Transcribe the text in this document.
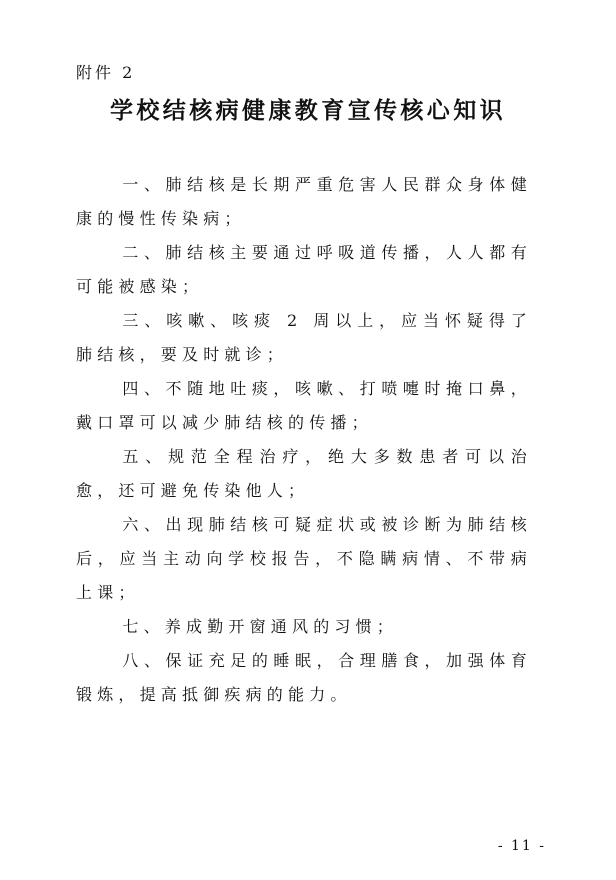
附件 2
学校结核病健康教育宣传核心知识

一、肺结核是长期严重危害人民群众身体健康的慢性传染病；

二、肺结核主要通过呼吸道传播，人人都有可能被感染；

三、咳嗽、咳痰 2 周以上，应当怀疑得了肺结核，要及时就诊；

四、不随地吐痰，咳嗽、打喷嚏时掩口鼻，戴口罩可以减少肺结核的传播；

五、规范全程治疗，绝大多数患者可以治愈，还可避免传染他人；

六、出现肺结核可疑症状或被诊断为肺结核后，应当主动向学校报告，不隐瞒病情、不带病上课；

七、养成勤开窗通风的习惯；

八、保证充足的睡眠，合理膳食，加强体育锻炼，提高抵御疾病的能力。

- 11 -
